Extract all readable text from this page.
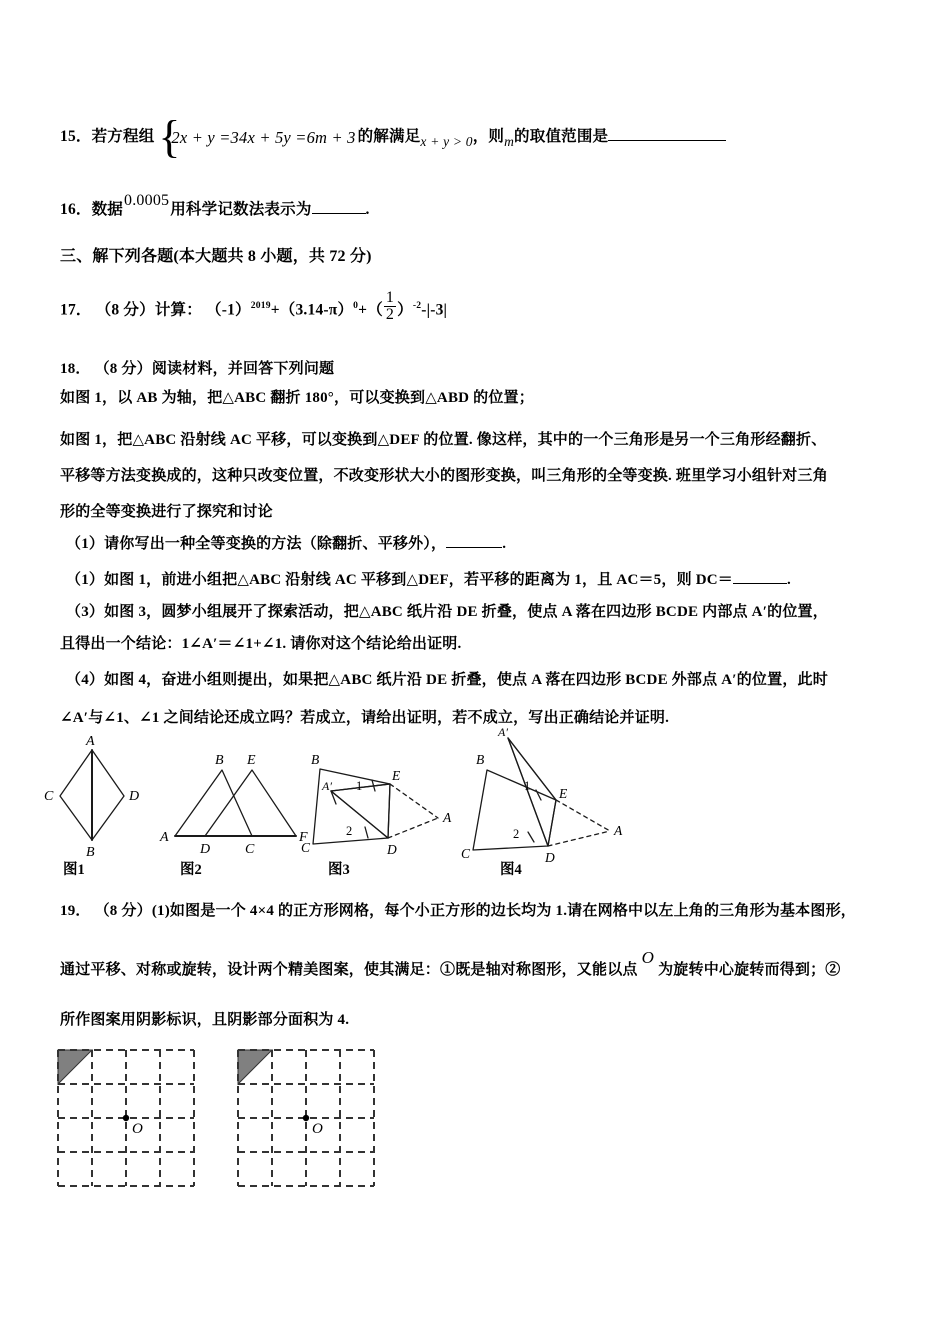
15．若方程组 {
2x + y =34x + 5y =6m + 3 的解满足x + y > 0，则m的取值范围是
16．数据0.0005用科学记数法表示为	.
三、解下列各题(本大题共 8 小题，共 72 分)
17． （8 分）计算： $(-1)^{2019}+(3.14-\pi)^0+( \frac{1}{2} )^{-2}-|-3|$
18． （8 分）阅读材料，并回答下列问题
如图 1，以 AB 为轴，把△ABC 翻折 180°，可以变换到△ABD 的位置；
如图 1，把△ABC 沿射线 AC 平移，可以变换到△DEF 的位置. 像这样，其中的一个三角形是另一个三角形经翻折、
平移等方法变换成的，这种只改变位置，不改变形状大小的图形变换，叫三角形的全等变换. 班里学习小组针对三角
形的全等变换进行了探究和讨论
（1）请你写出一种全等变换的方法（除翻折、平移外），	.
（1）如图 1，前进小组把△ABC 沿射线 AC 平移到△DEF，若平移的距离为 1，且 AC＝5，则 DC＝	.
（3）如图 3，圆梦小组展开了探索活动，把△ABC 纸片沿 DE 折叠，使点 A 落在四边形 BCDE 内部点 A′的位置，
且得出一个结论：1∠A′＝∠1+∠1. 请你对这个结论给出证明.
（4）如图 4，奋进小组则提出，如果把△ABC 纸片沿 DE 折叠，使点 A 落在四边形 BCDE 外部点 A′的位置，此时
∠A′与∠1、∠1 之间结论还成立吗？若成立，请给出证明，若不成立，写出正确结论并证明.
A
C	D
B
A
B E
D C
F
B
A′
E
D
C
A
1
2
A′
B
E
D
C
A
1
2
图1	图2	图3	图4
19． （8 分）(1)如图是一个 4×4 的正方形网格，每个小正方形的边长均为 1.请在网格中以左上角的三角形为基本图形，
通过平移、对称或旋转，设计两个精美图案，使其满足：①既是轴对称图形，又能以点O为旋转中心旋转而得到；②
所作图案用阴影标识，且阴影部分面积为 4.
O	O
